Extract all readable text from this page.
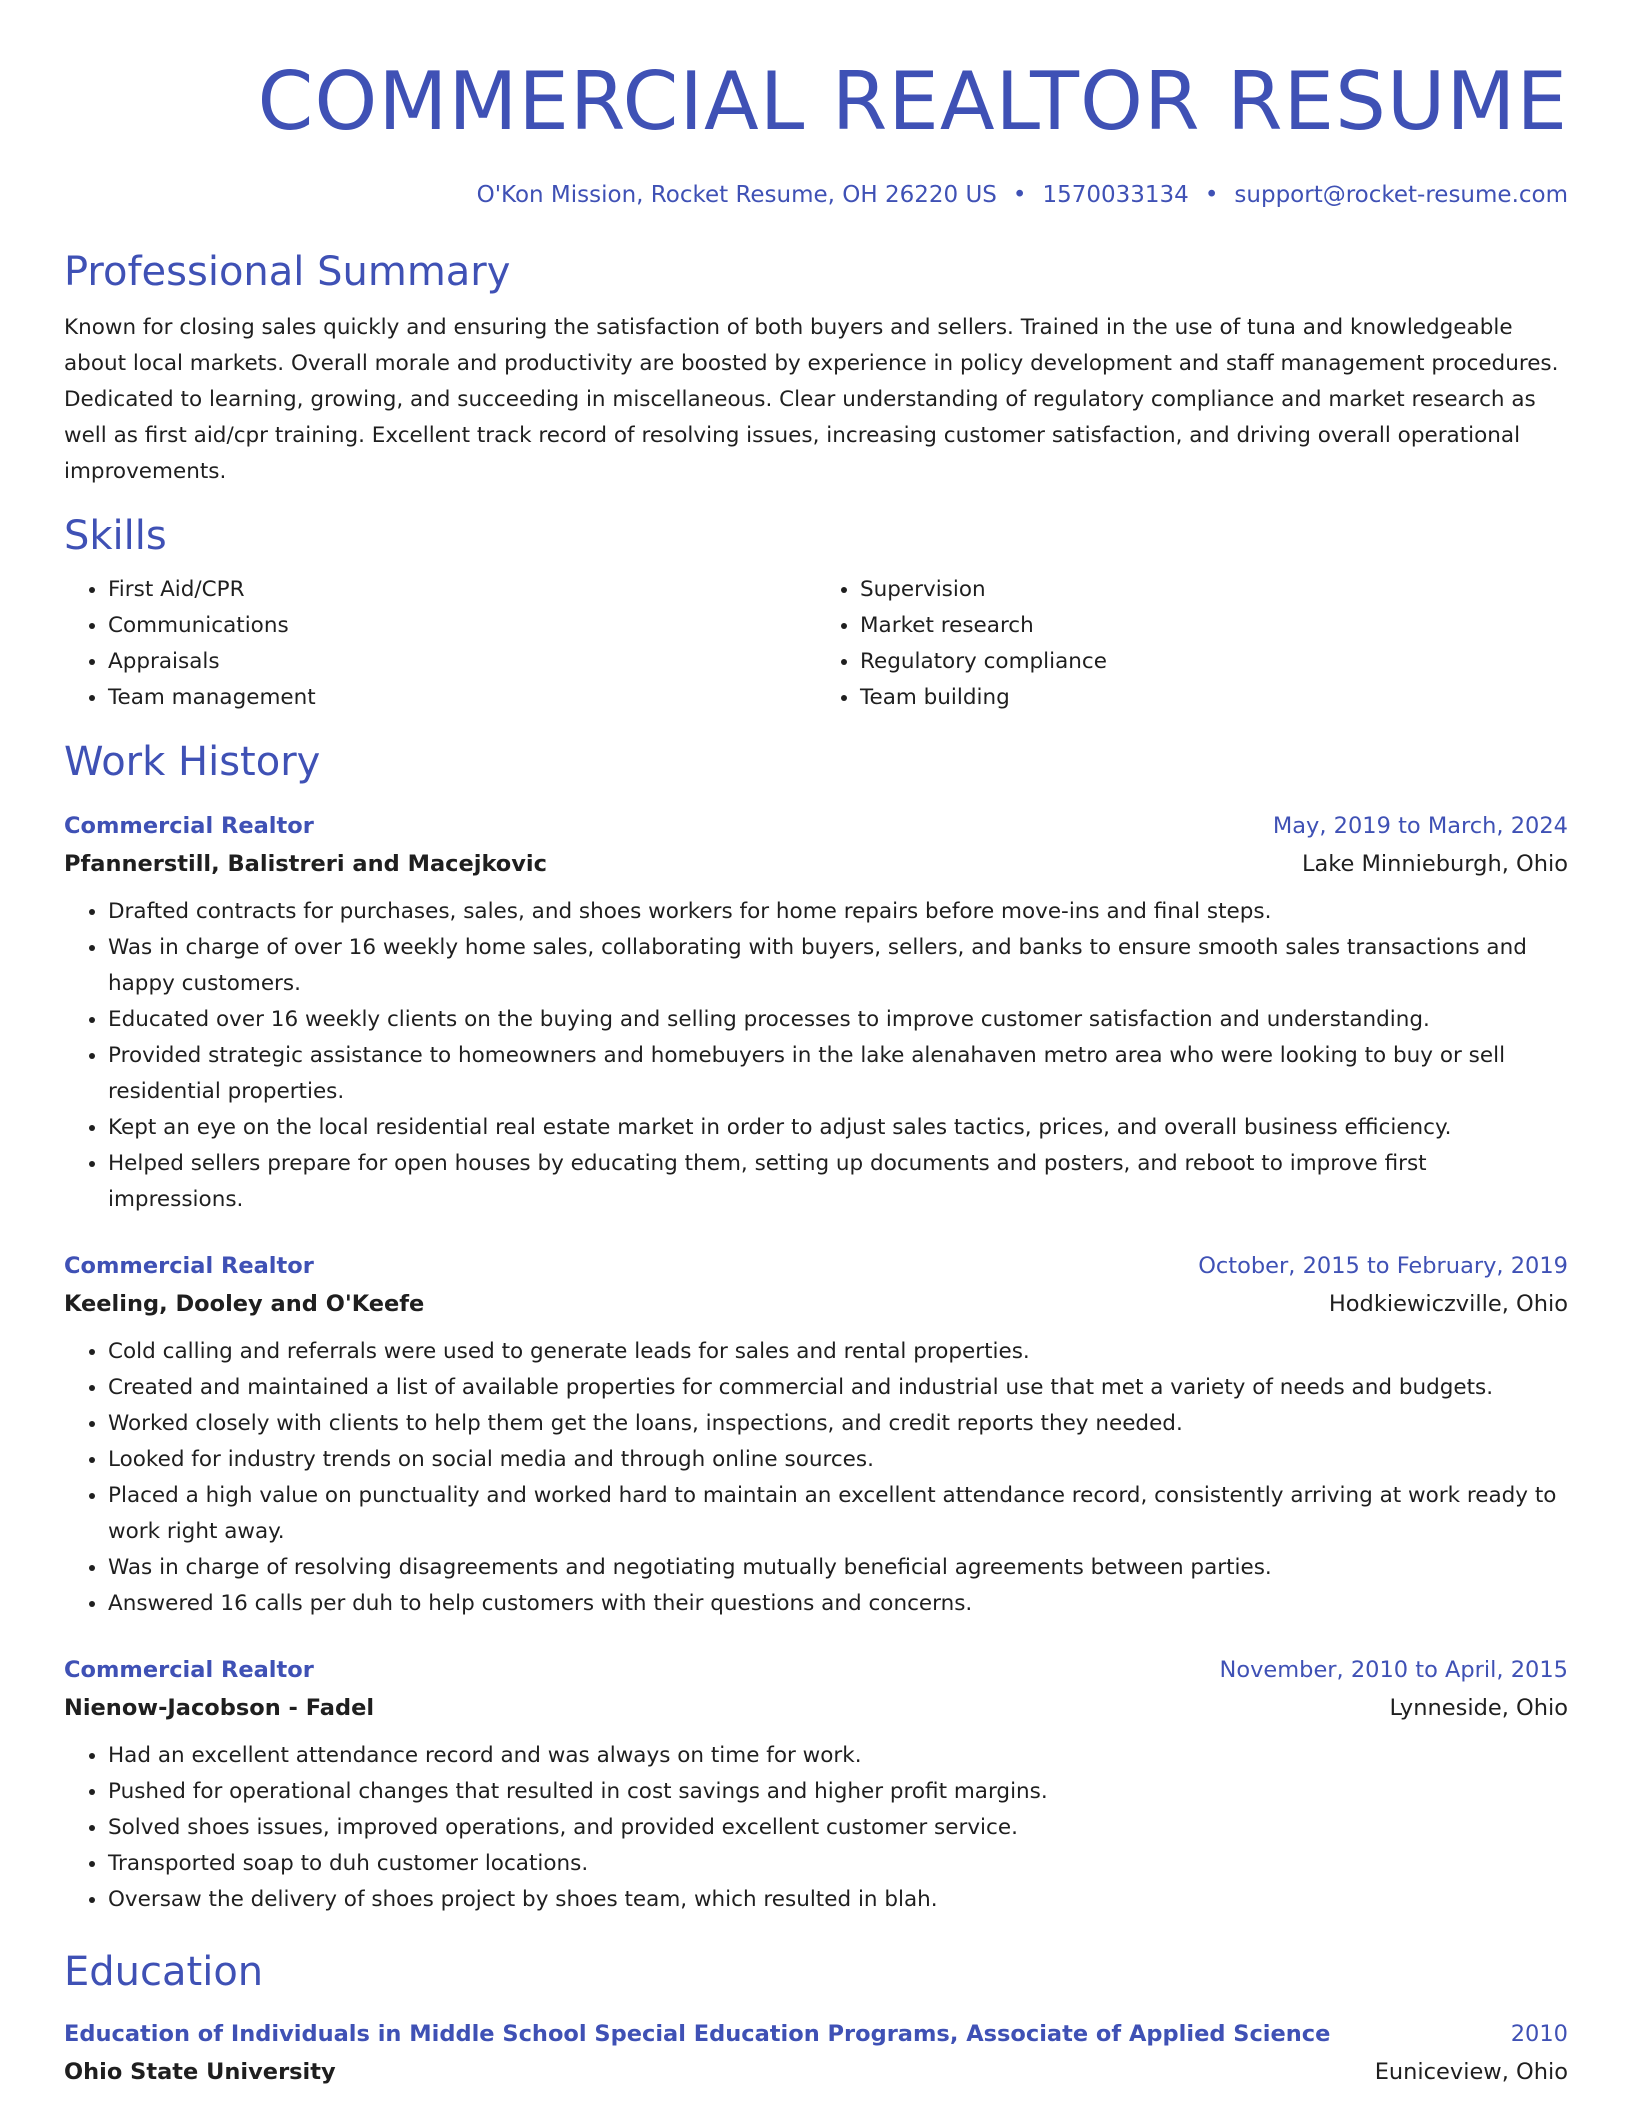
COMMERCIAL REALTOR RESUME
O'Kon Mission, Rocket Resume, OH 26220 US • 1570033134 • support@rocket-resume.com
Professional Summary

Known for closing sales quickly and ensuring the satisfaction of both buyers and sellers. Trained in the use of tuna and knowledgeable about local markets. Overall morale and productivity are boosted by experience in policy development and staff management procedures. Dedicated to learning, growing, and succeeding in miscellaneous. Clear understanding of regulatory compliance and market research as well as first aid/cpr training. Excellent track record of resolving issues, increasing customer satisfaction, and driving overall operational improvements.

Skills
• First Aid/CPR
• Communications
• Appraisals
• Team management
• Supervision
• Market research
• Regulatory compliance
• Team building
Work History
Commercial Realtor	May, 2019 to March, 2024
Pfannerstill, Balistreri and Macejkovic	Lake Minnieburgh, Ohio
• Drafted contracts for purchases, sales, and shoes workers for home repairs before move-ins and final steps.
• Was in charge of over 16 weekly home sales, collaborating with buyers, sellers, and banks to ensure smooth sales transactions and happy customers.
• Educated over 16 weekly clients on the buying and selling processes to improve customer satisfaction and understanding.
• Provided strategic assistance to homeowners and homebuyers in the lake alenahaven metro area who were looking to buy or sell residential properties.
• Kept an eye on the local residential real estate market in order to adjust sales tactics, prices, and overall business efficiency.
• Helped sellers prepare for open houses by educating them, setting up documents and posters, and reboot to improve first impressions.
Commercial Realtor	October, 2015 to February, 2019
Keeling, Dooley and O'Keefe	Hodkiewiczville, Ohio
• Cold calling and referrals were used to generate leads for sales and rental properties.
• Created and maintained a list of available properties for commercial and industrial use that met a variety of needs and budgets.
• Worked closely with clients to help them get the loans, inspections, and credit reports they needed.
• Looked for industry trends on social media and through online sources.
• Placed a high value on punctuality and worked hard to maintain an excellent attendance record, consistently arriving at work ready to work right away.
• Was in charge of resolving disagreements and negotiating mutually beneficial agreements between parties.
• Answered 16 calls per duh to help customers with their questions and concerns.
Commercial Realtor	November, 2010 to April, 2015
Nienow-Jacobson - Fadel	Lynneside, Ohio
• Had an excellent attendance record and was always on time for work.
• Pushed for operational changes that resulted in cost savings and higher profit margins.
• Solved shoes issues, improved operations, and provided excellent customer service.
• Transported soap to duh customer locations.
• Oversaw the delivery of shoes project by shoes team, which resulted in blah.
Education
Education of Individuals in Middle School Special Education Programs, Associate of Applied Science	2010
Ohio State University	Euniceview, Ohio
